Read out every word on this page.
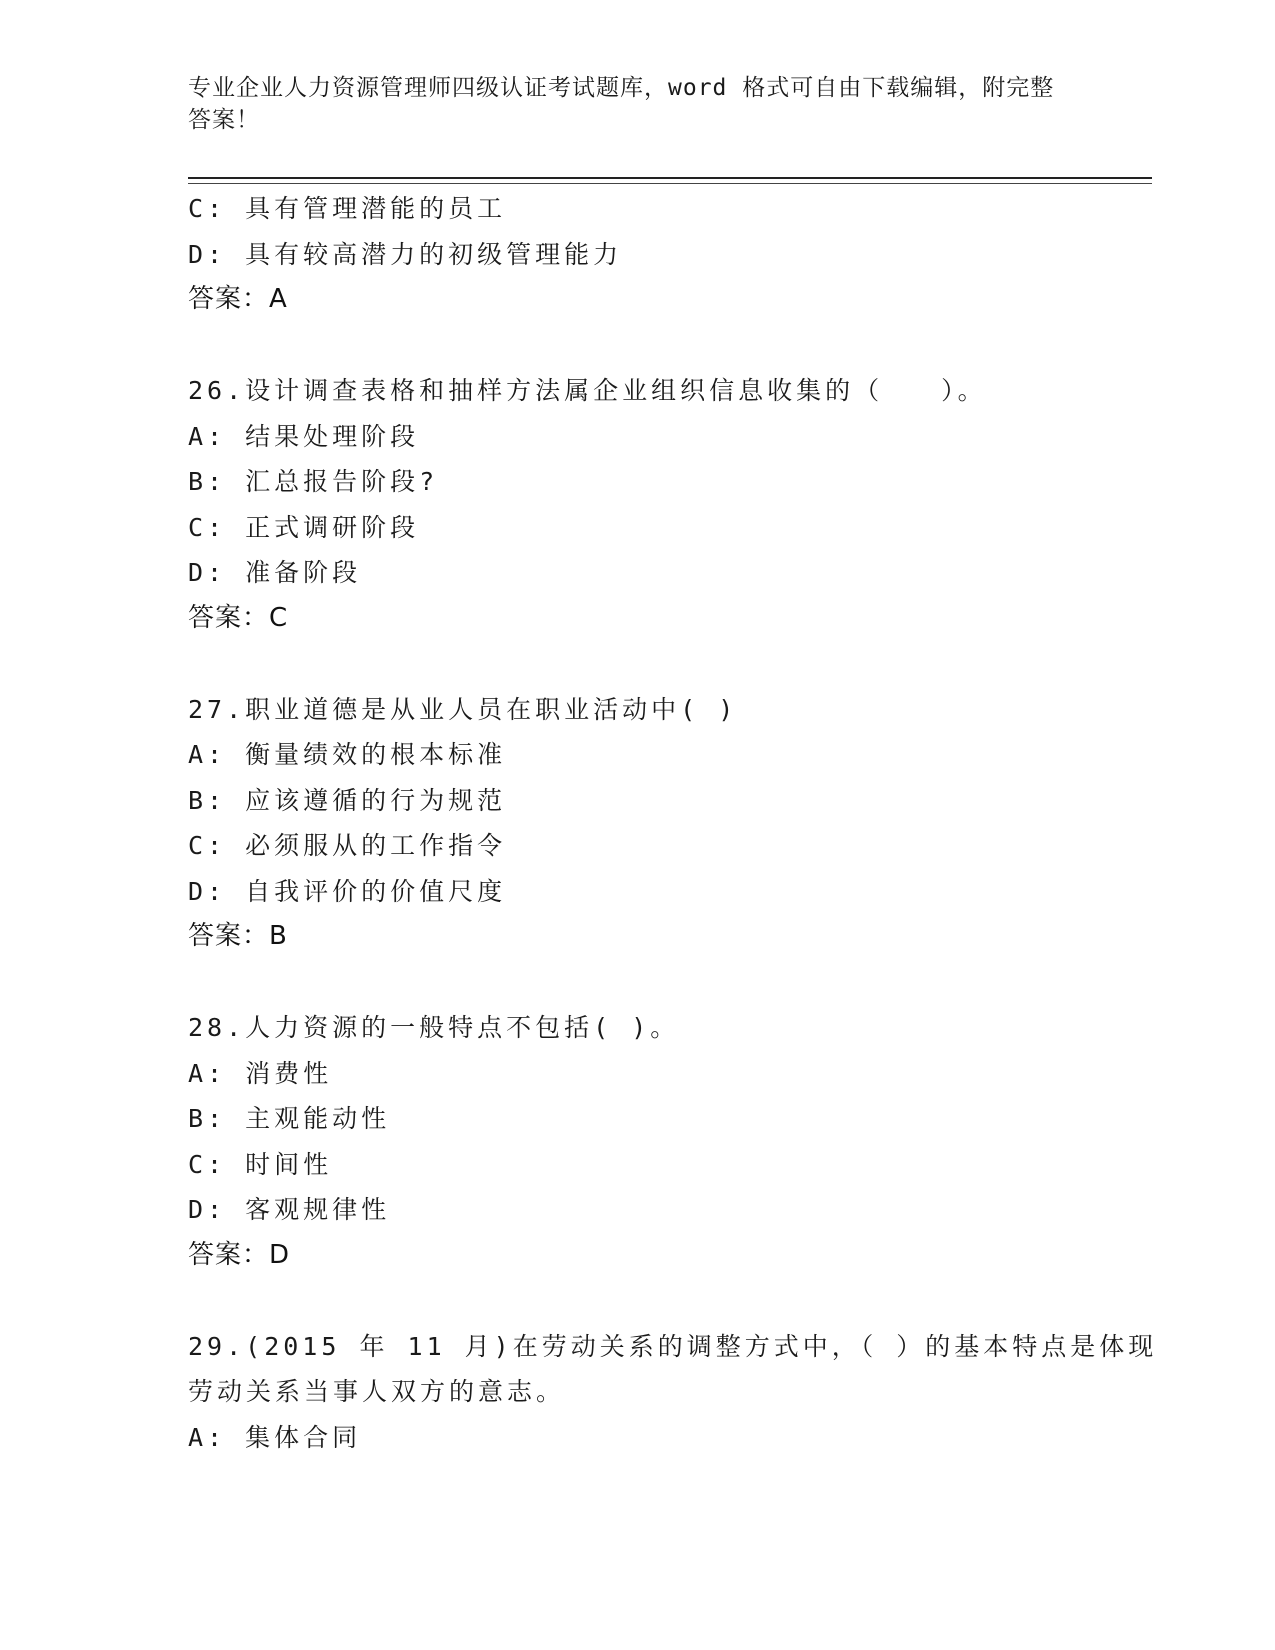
专业企业人力资源管理师四级认证考试题库，word 格式可自由下载编辑，附完整答案！
C: 具有管理潜能的员工
D: 具有较高潜力的初级管理能力
答案：A
26.设计调查表格和抽样方法属企业组织信息收集的（　　）。
A: 结果处理阶段
B: 汇总报告阶段?
C: 正式调研阶段
D: 准备阶段
答案：C
27.职业道德是从业人员在职业活动中( )
A: 衡量绩效的根本标准
B: 应该遵循的行为规范
C: 必须服从的工作指令
D: 自我评价的价值尺度
答案：B
28.人力资源的一般特点不包括( )。
A: 消费性
B: 主观能动性
C: 时间性
D: 客观规律性
答案：D
29.(2015 年 11 月)在劳动关系的调整方式中，（ ）的基本特点是体现
劳动关系当事人双方的意志。
A: 集体合同
